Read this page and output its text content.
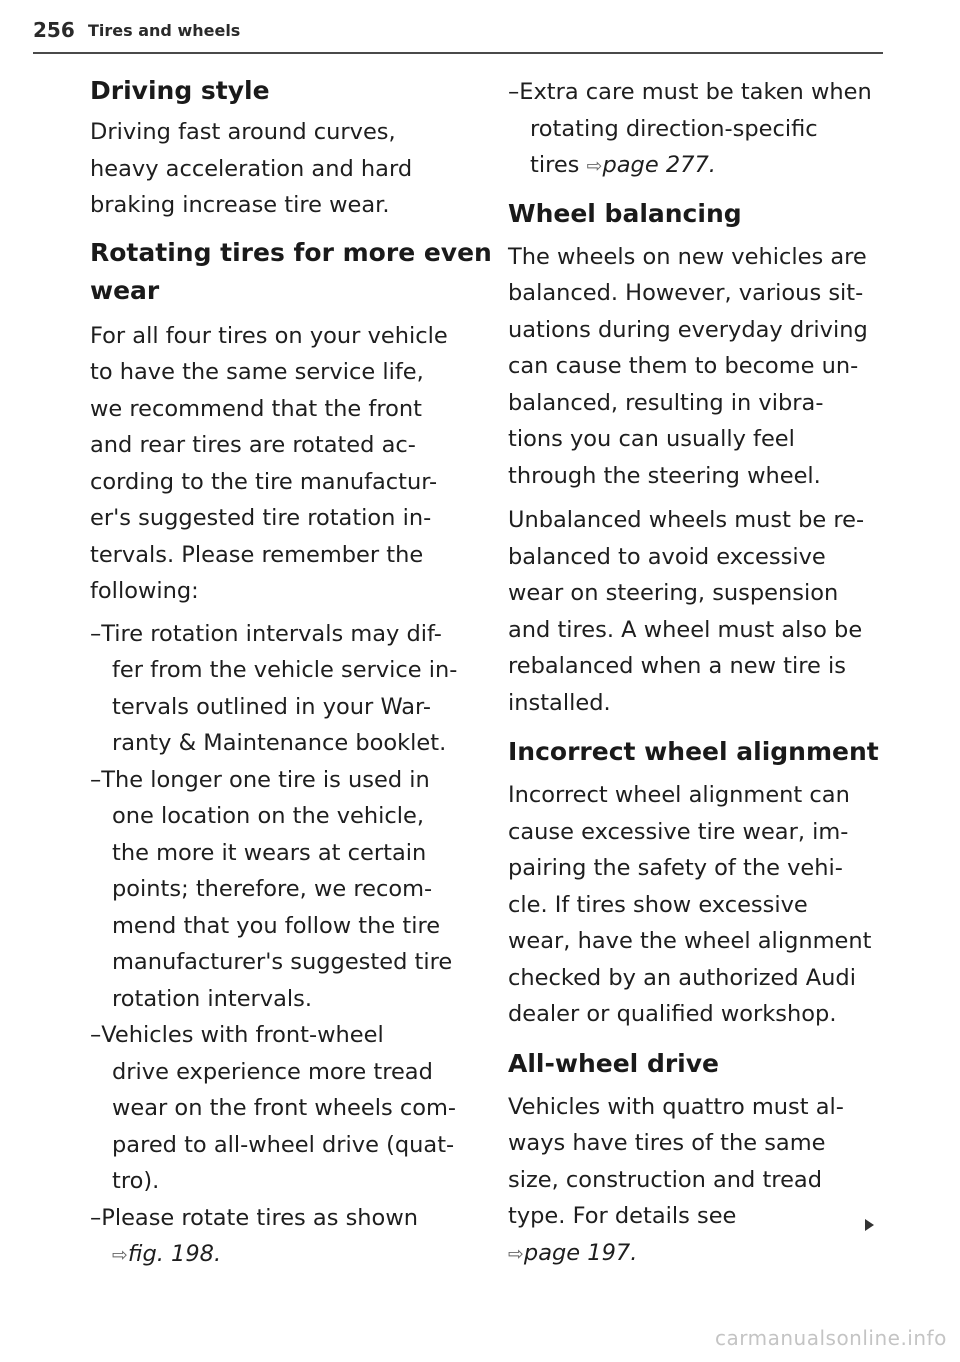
256 Tires and wheels
Driving style

Driving fast around curves,
heavy acceleration and hard
braking increase tire wear.

Rotating tires for more even
wear

For all four tires on your vehicle
to have the same service life,
we recommend that the front
and rear tires are rotated ac-
cording to the tire manufactur-
er's suggested tire rotation in-
tervals. Please remember the
following:

–Tire rotation intervals may dif-
fer from the vehicle service in-
tervals outlined in your War-
ranty & Maintenance booklet.

–The longer one tire is used in
one location on the vehicle,
the more it wears at certain
points; therefore, we recom-
mend that you follow the tire
manufacturer's suggested tire
rotation intervals.

–Vehicles with front-wheel
drive experience more tread
wear on the front wheels com-
pared to all-wheel drive (quat-
tro).

–Please rotate tires as shown
⇨fig. 198.

–Extra care must be taken when
rotating direction-specific
tires ⇨page 277.

Wheel balancing

The wheels on new vehicles are
balanced. However, various sit-
uations during everyday driving
can cause them to become un-
balanced, resulting in vibra-
tions you can usually feel
through the steering wheel.

Unbalanced wheels must be re-
balanced to avoid excessive
wear on steering, suspension
and tires. A wheel must also be
rebalanced when a new tire is
installed.

Incorrect wheel alignment

Incorrect wheel alignment can
cause excessive tire wear, im-
pairing the safety of the vehi-
cle. If tires show excessive
wear, have the wheel alignment
checked by an authorized Audi
dealer or qualified workshop.

All-wheel drive

Vehicles with quattro must al-
ways have tires of the same
size, construction and tread
type. For details see
⇨page 197.

carmanualsonline.info
